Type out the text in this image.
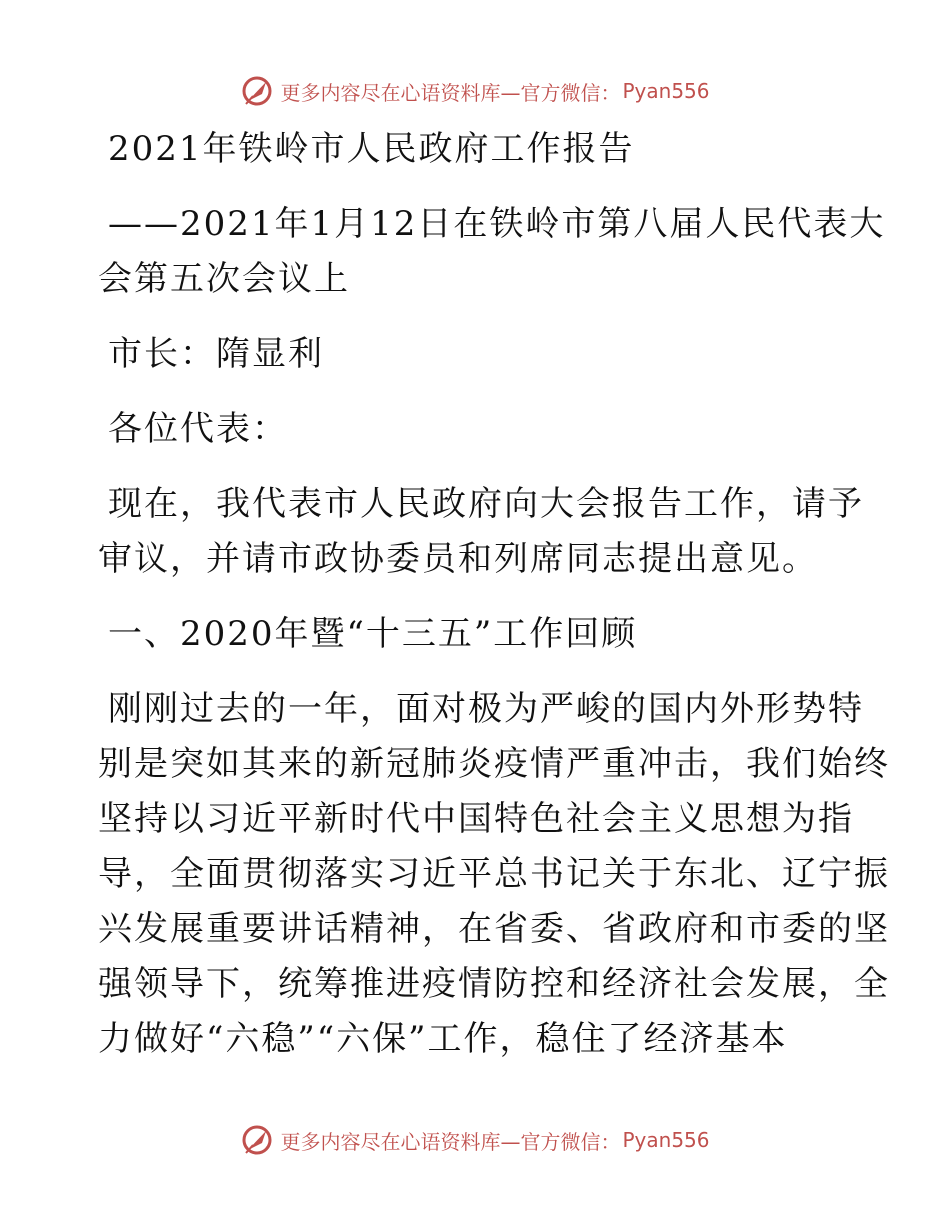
更多内容尽在心语资料库—官方微信： Pyan556
2021年铁岭市人民政府工作报告
——2021年1月12日在铁岭市第八届人民代表大
会第五次会议上
市长：隋显利
各位代表：
现在，我代表市人民政府向大会报告工作，请予
审议，并请市政协委员和列席同志提出意见。
一、2020年暨“十三五”工作回顾
刚刚过去的一年，面对极为严峻的国内外形势特
别是突如其来的新冠肺炎疫情严重冲击，我们始终
坚持以习近平新时代中国特色社会主义思想为指
导，全面贯彻落实习近平总书记关于东北、辽宁振
兴发展重要讲话精神，在省委、省政府和市委的坚
强领导下，统筹推进疫情防控和经济社会发展，全
力做好“六稳”“六保”工作，稳住了经济基本
更多内容尽在心语资料库—官方微信： Pyan556
